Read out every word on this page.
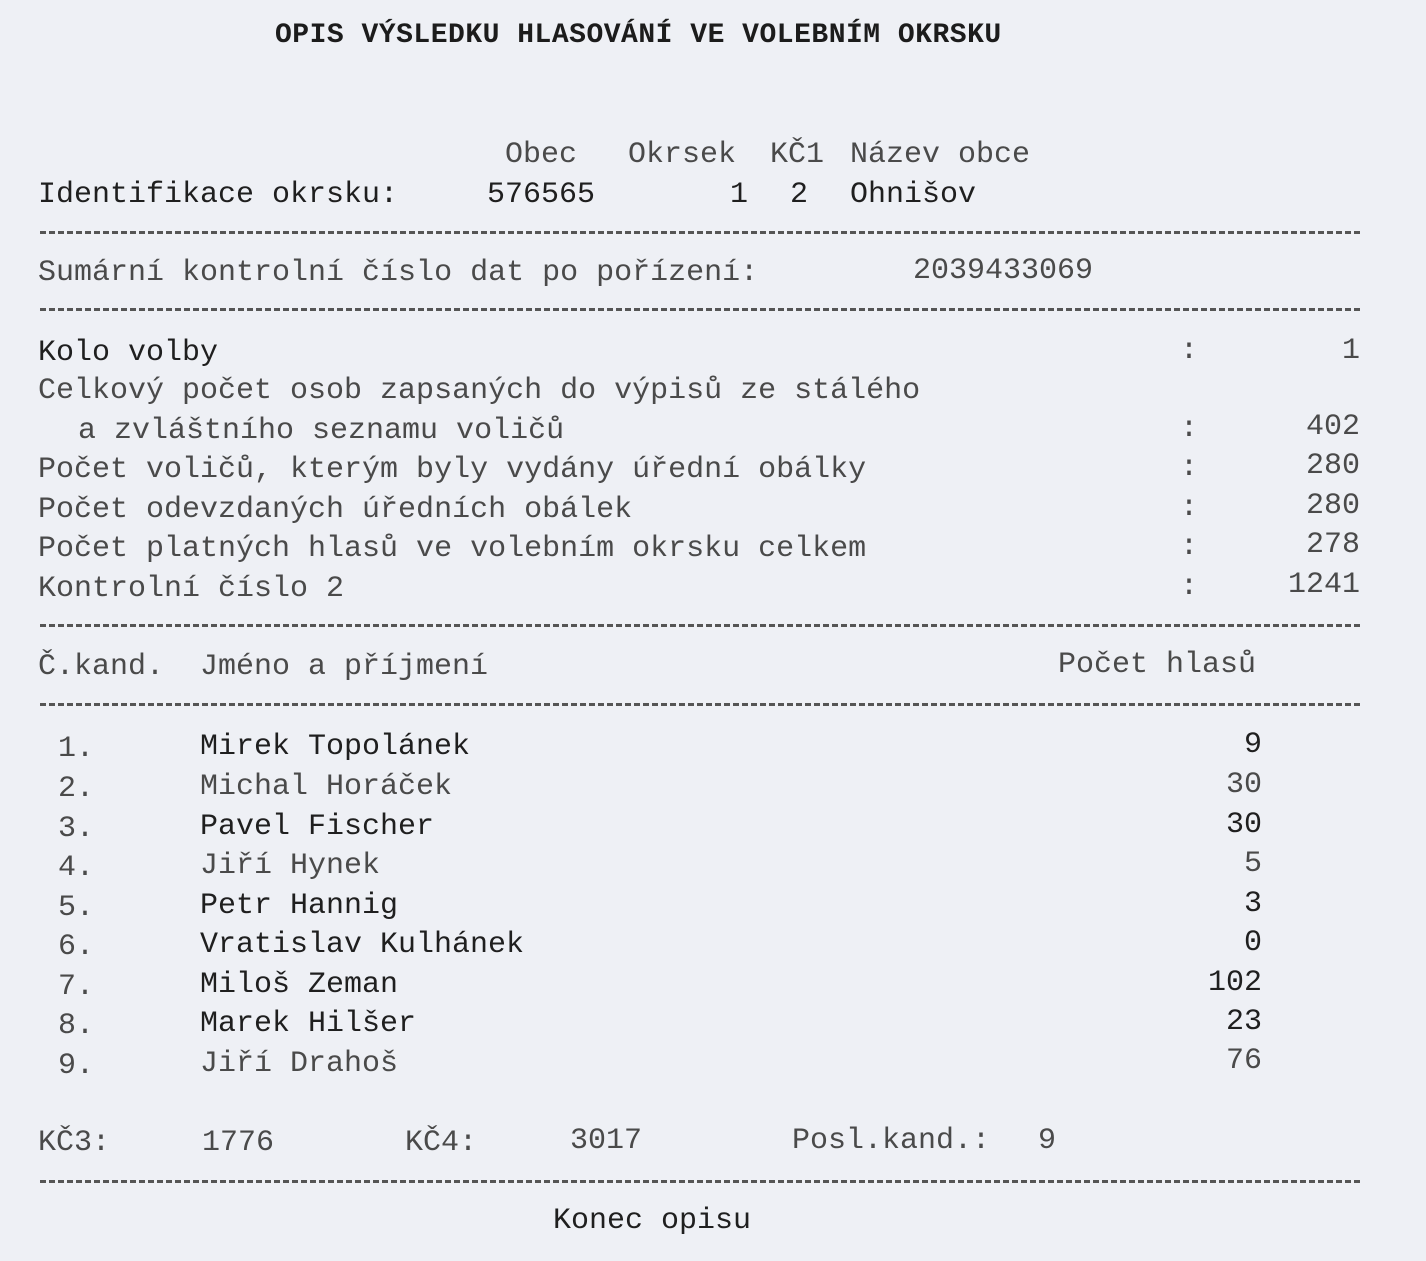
OPIS VÝSLEDKU HLASOVÁNÍ VE VOLEBNÍM OKRSKU
Obec Okrsek KČ1 Název obce
Identifikace okrsku:	576565	1 2 Ohnišov
Sumární kontrolní číslo dat po pořízení:	2039433069
Kolo volby	:	1
Celkový počet osob zapsaných do výpisů ze stálého
a zvláštního seznamu voličů	:	402
Počet voličů, kterým byly vydány úřední obálky	:	280
Počet odevzdaných úředních obálek	:	280
Počet platných hlasů ve volebním okrsku celkem	:	278
Kontrolní číslo 2	:	1241
Č.kand. Jméno a příjmení	Počet hlasů
1.	Mirek Topolánek	9
2.	Michal Horáček	30
3.	Pavel Fischer	30
4.	Jiří Hynek	5
5.	Petr Hannig	3
6.	Vratislav Kulhánek	0
7.	Miloš Zeman	102
8.	Marek Hilšer	23
9.	Jiří Drahoš	76
KČ3:	1776	KČ4:	3017	Posl.kand.: 9
Konec opisu
